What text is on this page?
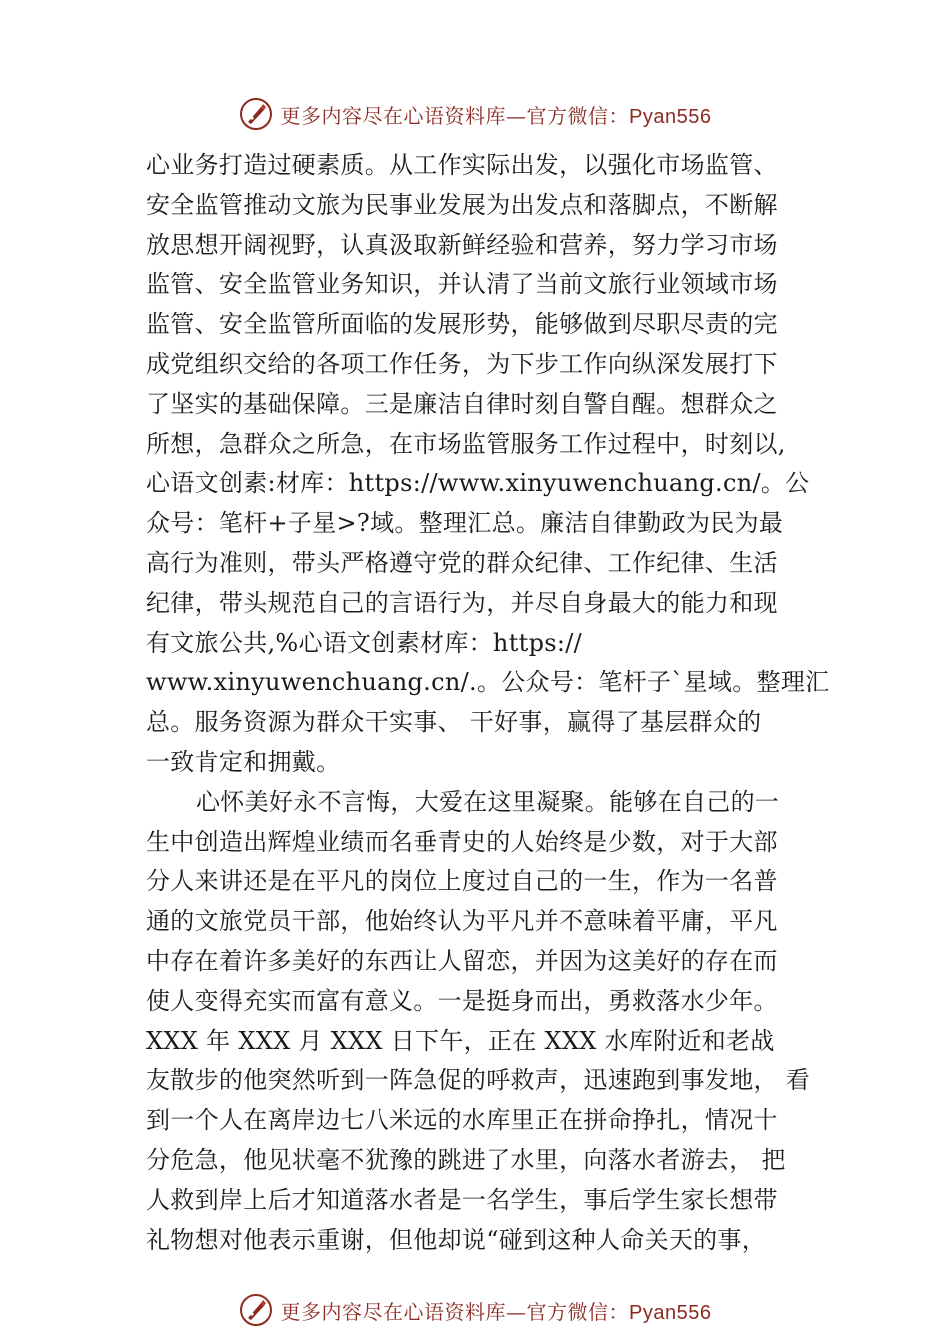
更多内容尽在心语资料库—官方微信：Pyan556
心业务打造过硬素质。从工作实际出发，以强化市场监管、
安全监管推动文旅为民事业发展为出发点和落脚点，不断解
放思想开阔视野，认真汲取新鲜经验和营养，努力学习市场
监管、安全监管业务知识，并认清了当前文旅行业领域市场
监管、安全监管所面临的发展形势，能够做到尽职尽责的完
成党组织交给的各项工作任务，为下步工作向纵深发展打下
了坚实的基础保障。三是廉洁自律时刻自警自醒。想群众之
所想，急群众之所急，在市场监管服务工作过程中，时刻以,
心语文创素:材库：https://www.xinyuwenchuang.cn/。公
众号：笔杆+子星>?域。整理汇总。廉洁自律勤政为民为最
高行为准则，带头严格遵守党的群众纪律、工作纪律、生活
纪律，带头规范自己的言语行为，并尽自身最大的能力和现
有文旅公共,%心语文创素材库：https://
www.xinyuwenchuang.cn/.。公众号：笔杆子`星域。整理汇
总。服务资源为群众干实事、 干好事，赢得了基层群众的
一致肯定和拥戴。
心怀美好永不言悔，大爱在这里凝聚。能够在自己的一
生中创造出辉煌业绩而名垂青史的人始终是少数，对于大部
分人来讲还是在平凡的岗位上度过自己的一生，作为一名普
通的文旅党员干部，他始终认为平凡并不意味着平庸，平凡
中存在着许多美好的东西让人留恋，并因为这美好的存在而
使人变得充实而富有意义。一是挺身而出，勇救落水少年。
XXX 年 XXX 月 XXX 日下午，正在 XXX 水库附近和老战
友散步的他突然听到一阵急促的呼救声，迅速跑到事发地， 看
到一个人在离岸边七八米远的水库里正在拼命挣扎，情况十
分危急，他见状毫不犹豫的跳进了水里，向落水者游去， 把
人救到岸上后才知道落水者是一名学生，事后学生家长想带
礼物想对他表示重谢，但他却说“碰到这种人命关天的事，
更多内容尽在心语资料库—官方微信：Pyan556
